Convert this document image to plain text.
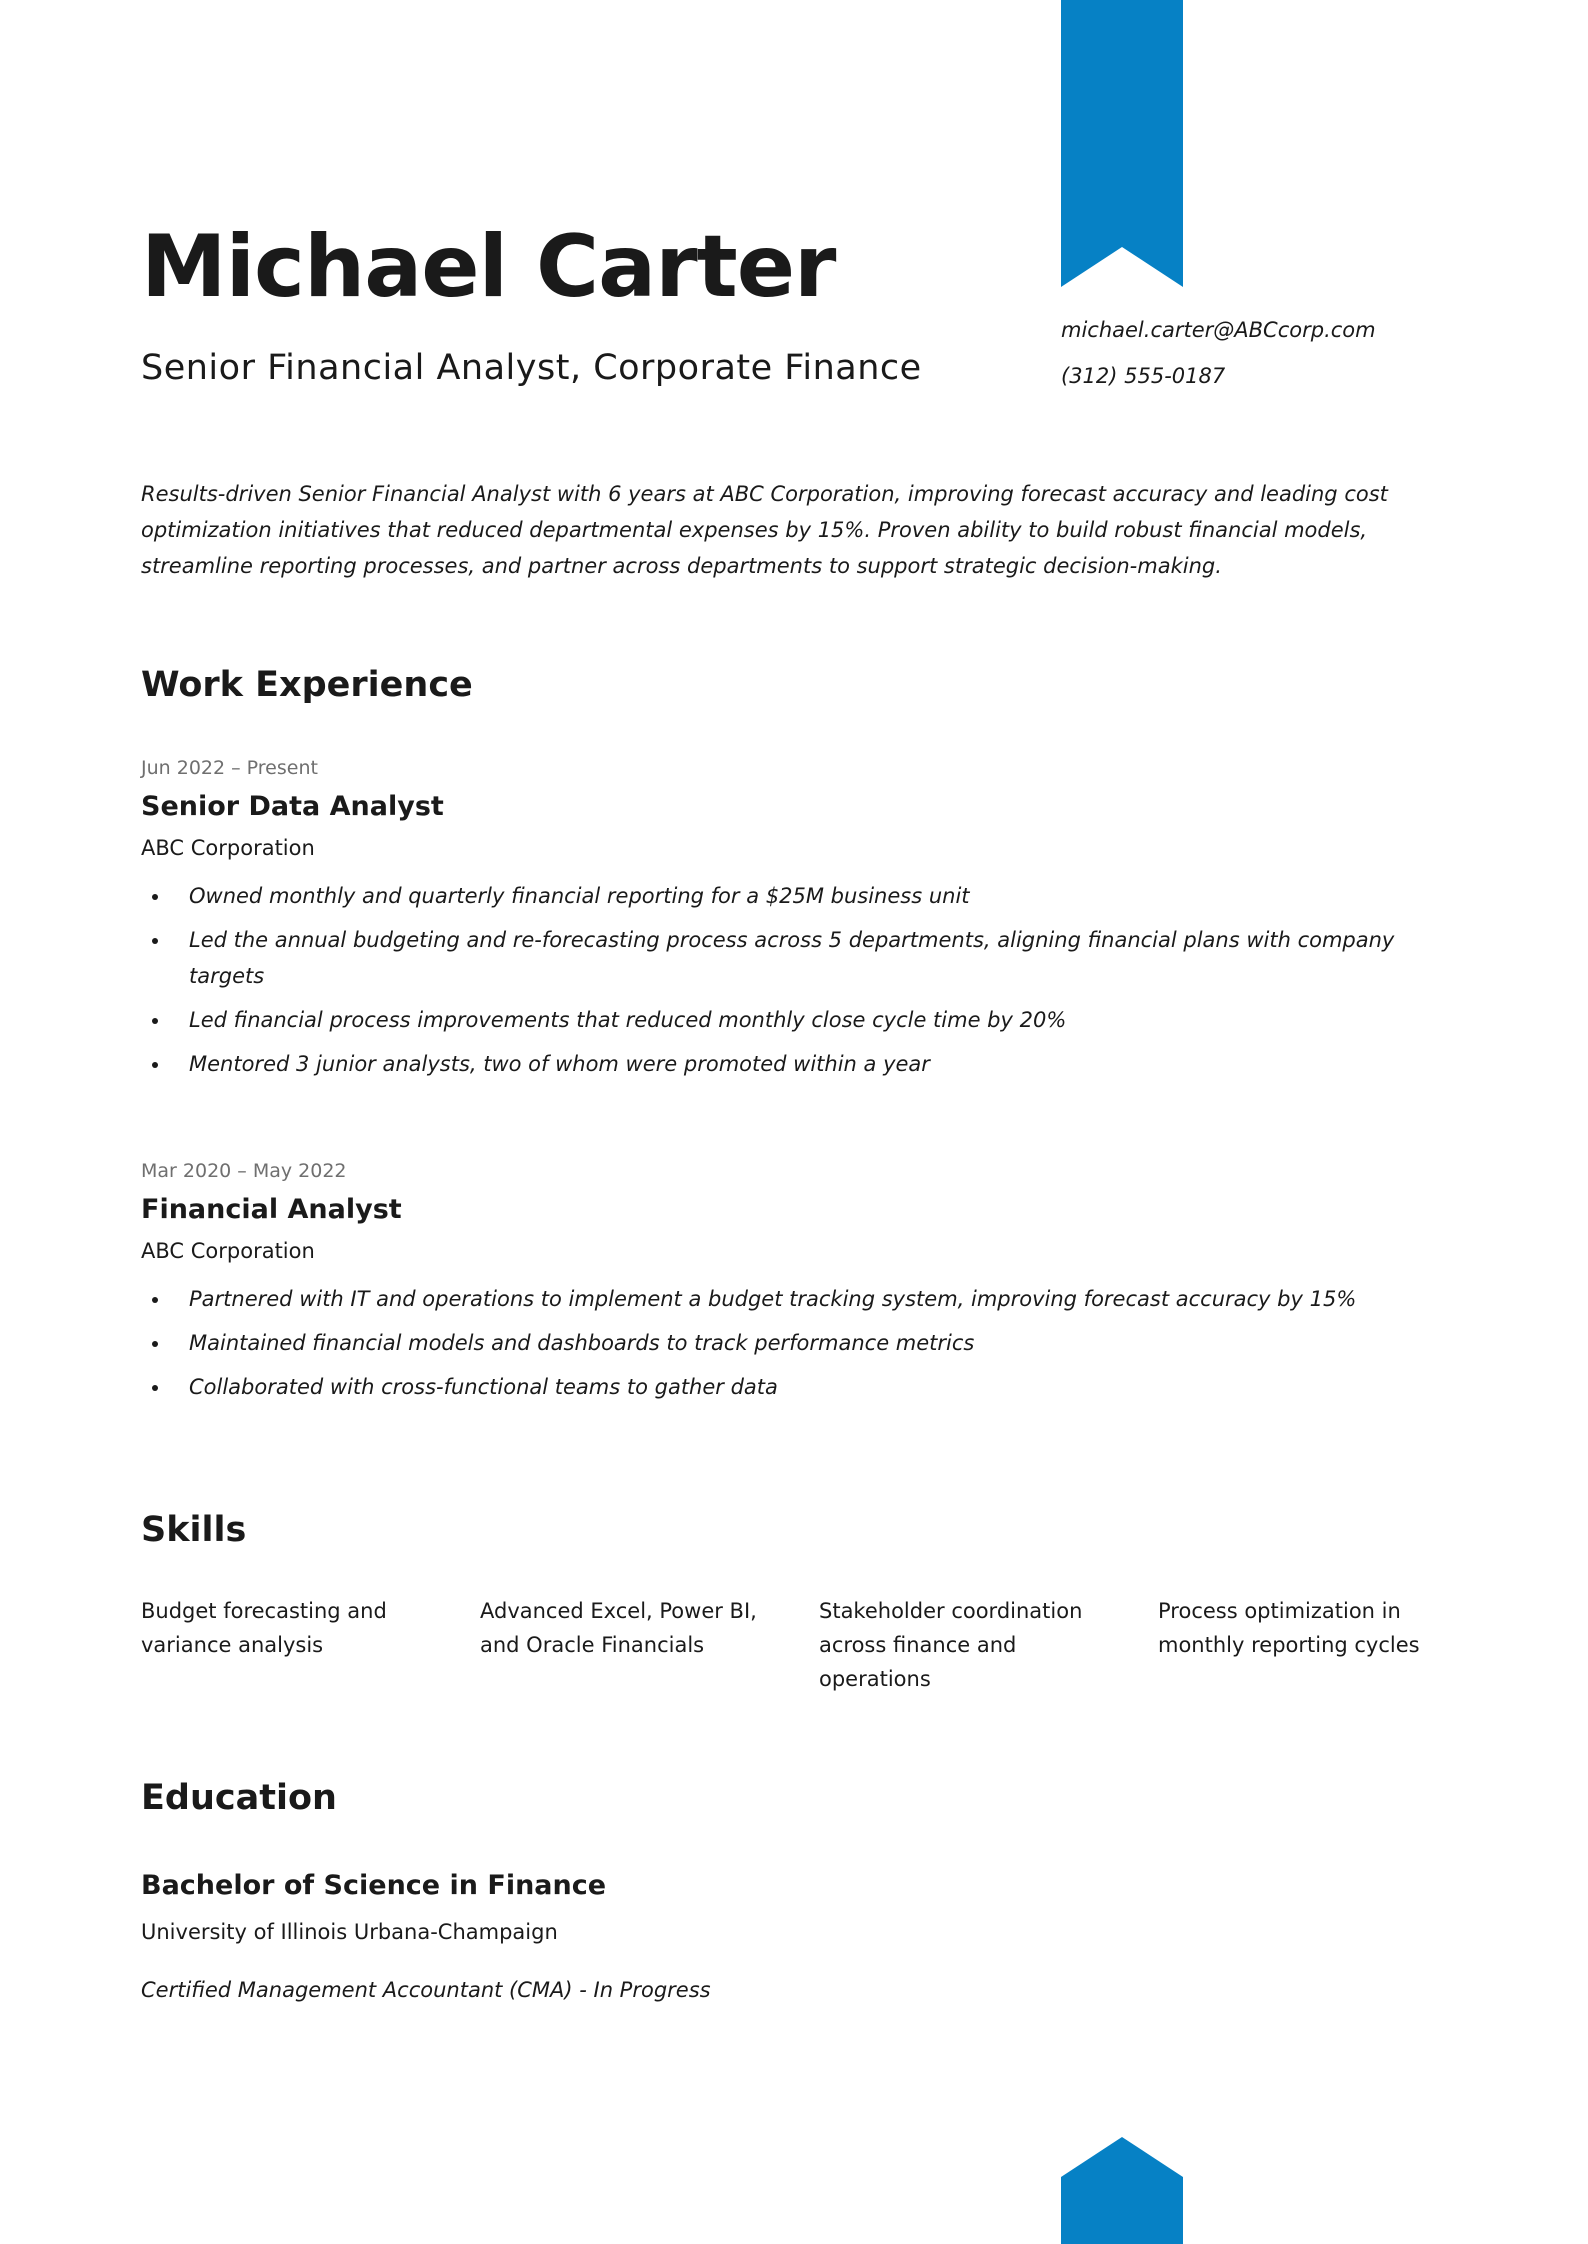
Michael Carter
Senior Financial Analyst, Corporate Finance
michael.carter@ABCcorp.com
(312) 555-0187

Results-driven Senior Financial Analyst with 6 years at ABC Corporation, improving forecast accuracy and leading cost optimization initiatives that reduced departmental expenses by 15%. Proven ability to build robust financial models, streamline reporting processes, and partner across departments to support strategic decision-making.

Work Experience

Jun 2022 – Present

Senior Data Analyst

ABC Corporation

Owned monthly and quarterly financial reporting for a $25M business unit
Led the annual budgeting and re-forecasting process across 5 departments, aligning financial plans with company targets
Led financial process improvements that reduced monthly close cycle time by 20%
Mentored 3 junior analysts, two of whom were promoted within a year

Mar 2020 – May 2022

Financial Analyst

ABC Corporation

Partnered with IT and operations to implement a budget tracking system, improving forecast accuracy by 15%
Maintained financial models and dashboards to track performance metrics
Collaborated with cross-functional teams to gather data
Skills
Budget forecasting and variance analysis
Advanced Excel, Power BI, and Oracle Financials
Stakeholder coordination across finance and operations
Process optimization in monthly reporting cycles
Education

Bachelor of Science in Finance

University of Illinois Urbana-Champaign

Certified Management Accountant (CMA) - In Progress
